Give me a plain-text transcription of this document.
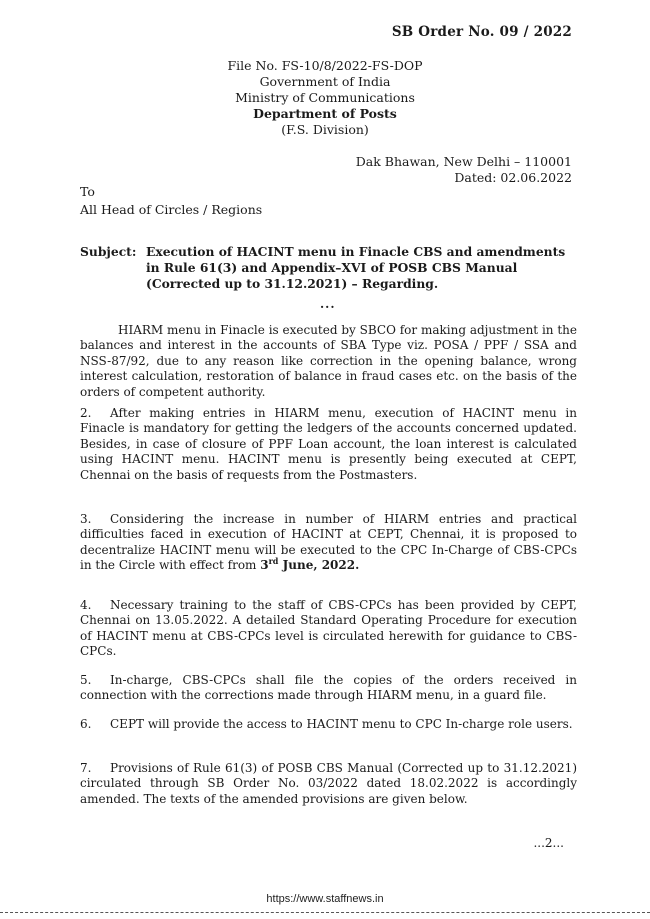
SB Order No. 09 / 2022
File No. FS-10/8/2022-FS-DOP
Government of India
Ministry of Communications
Department of Posts
(F.S. Division)
Dak Bhawan, New Delhi – 110001
Dated: 02.06.2022
To
All Head of Circles / Regions
Subject: Execution of HACINT menu in Finacle CBS and amendments in Rule 61(3) and Appendix–XVI of POSB CBS Manual (Corrected up to 31.12.2021) – Regarding.
...
HIARM menu in Finacle is executed by SBCO for making adjustment in the balances and interest in the accounts of SBA Type viz. POSA / PPF / SSA and NSS-87/92, due to any reason like correction in the opening balance, wrong interest calculation, restoration of balance in fraud cases etc. on the basis of the orders of competent authority.
2. After making entries in HIARM menu, execution of HACINT menu in Finacle is mandatory for getting the ledgers of the accounts concerned updated. Besides, in case of closure of PPF Loan account, the loan interest is calculated using HACINT menu. HACINT menu is presently being executed at CEPT, Chennai on the basis of requests from the Postmasters.
3. Considering the increase in number of HIARM entries and practical difficulties faced in execution of HACINT at CEPT, Chennai, it is proposed to decentralize HACINT menu will be executed to the CPC In-Charge of CBS-CPCs in the Circle with effect from 3rd June, 2022.
4. Necessary training to the staff of CBS-CPCs has been provided by CEPT, Chennai on 13.05.2022. A detailed Standard Operating Procedure for execution of HACINT menu at CBS-CPCs level is circulated herewith for guidance to CBS-CPCs.
5. In-charge, CBS-CPCs shall file the copies of the orders received in connection with the corrections made through HIARM menu, in a guard file.
6. CEPT will provide the access to HACINT menu to CPC In-charge role users.
7. Provisions of Rule 61(3) of POSB CBS Manual (Corrected up to 31.12.2021) circulated through SB Order No. 03/2022 dated 18.02.2022 is accordingly amended. The texts of the amended provisions are given below.
...2...
https://www.staffnews.in
